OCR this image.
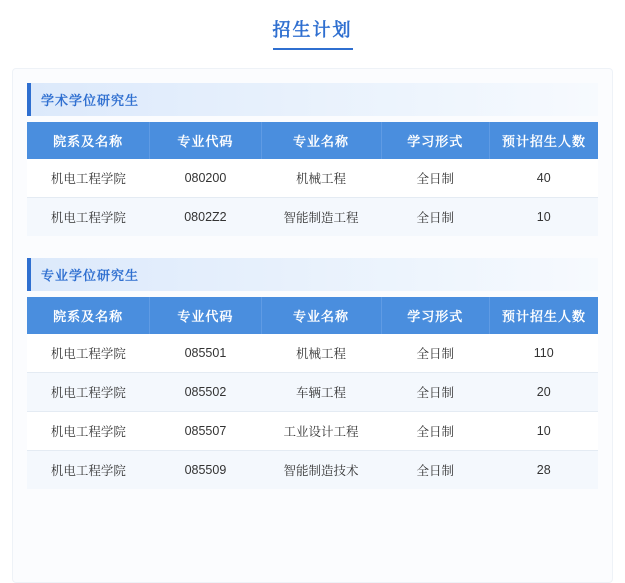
招生计划
学术学位研究生
院系及名称	专业代码	专业名称	学习形式	预计招生人数
机电工程学院	080200	机械工程	全日制	40
机电工程学院	0802Z2	智能制造工程	全日制	10
专业学位研究生
院系及名称	专业代码	专业名称	学习形式	预计招生人数
机电工程学院	085501	机械工程	全日制	110
机电工程学院	085502	车辆工程	全日制	20
机电工程学院	085507	工业设计工程	全日制	10
机电工程学院	085509	智能制造技术	全日制	28
